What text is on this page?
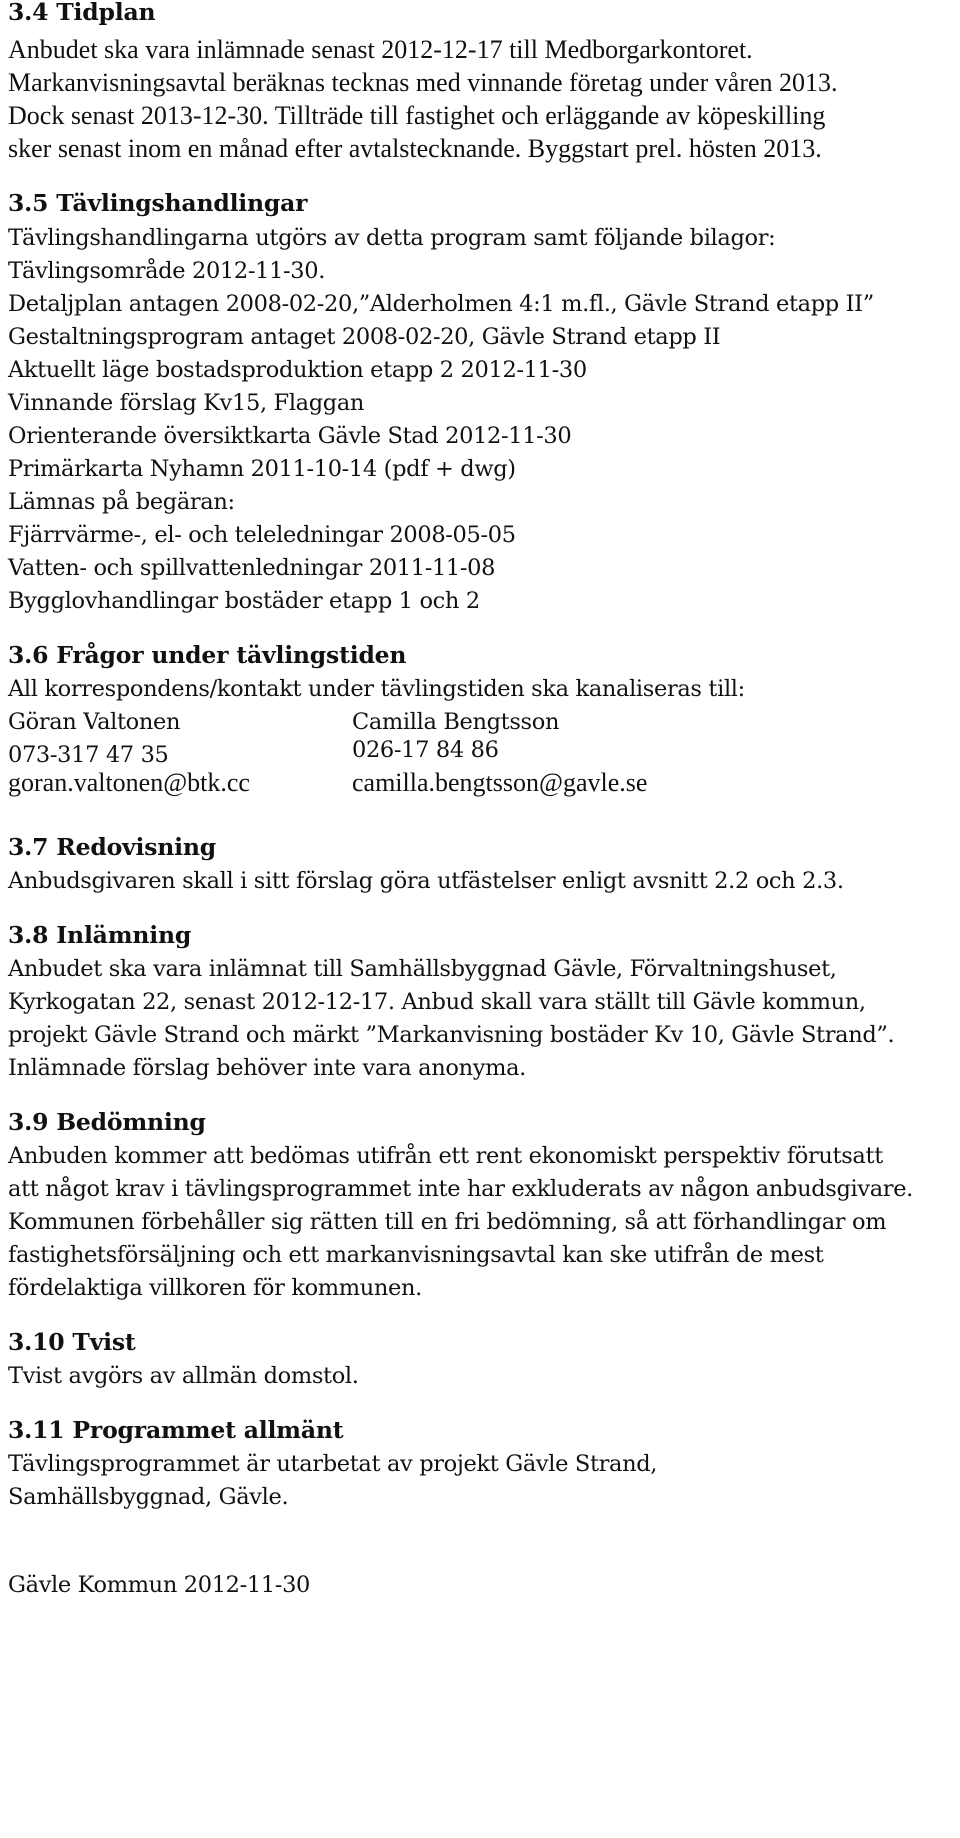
3.4 Tidplan
Anbudet ska vara inlämnade senast 2012-12-17 till Medborgarkontoret.
Markanvisningsavtal beräknas tecknas med vinnande företag under våren 2013.
Dock senast 2013-12-30. Tillträde till fastighet och erläggande av köpeskilling
sker senast inom en månad efter avtalstecknande. Byggstart prel. hösten 2013.
3.5 Tävlingshandlingar
Tävlingshandlingarna utgörs av detta program samt följande bilagor:
Tävlingsområde 2012-11-30.
Detaljplan antagen 2008-02-20,”Alderholmen 4:1 m.fl., Gävle Strand etapp II”
Gestaltningsprogram antaget 2008-02-20, Gävle Strand etapp II
Aktuellt läge bostadsproduktion etapp 2 2012-11-30
Vinnande förslag Kv15, Flaggan
Orienterande översiktkarta Gävle Stad 2012-11-30
Primärkarta Nyhamn 2011-10-14 (pdf + dwg)
Lämnas på begäran:
Fjärrvärme-, el- och teleledningar 2008-05-05
Vatten- och spillvattenledningar 2011-11-08
Bygglovhandlingar bostäder etapp 1 och 2
3.6 Frågor under tävlingstiden
All korrespondens/kontakt under tävlingstiden ska kanaliseras till:
Göran Valtonen	Camilla Bengtsson
073-317 47 35	026-17 84 86
goran.valtonen@btk.cc	camilla.bengtsson@gavle.se
3.7 Redovisning
Anbudsgivaren skall i sitt förslag göra utfästelser enligt avsnitt 2.2 och 2.3.
3.8 Inlämning
Anbudet ska vara inlämnat till Samhällsbyggnad Gävle, Förvaltningshuset,
Kyrkogatan 22, senast 2012-12-17. Anbud skall vara ställt till Gävle kommun,
projekt Gävle Strand och märkt ”Markanvisning bostäder Kv 10, Gävle Strand”.
Inlämnade förslag behöver inte vara anonyma.
3.9 Bedömning
Anbuden kommer att bedömas utifrån ett rent ekonomiskt perspektiv förutsatt
att något krav i tävlingsprogrammet inte har exkluderats av någon anbudsgivare.
Kommunen förbehåller sig rätten till en fri bedömning, så att förhandlingar om
fastighetsförsäljning och ett markanvisningsavtal kan ske utifrån de mest
fördelaktiga villkoren för kommunen.
3.10 Tvist
Tvist avgörs av allmän domstol.
3.11 Programmet allmänt
Tävlingsprogrammet är utarbetat av projekt Gävle Strand,
Samhällsbyggnad, Gävle.
Gävle Kommun 2012-11-30
